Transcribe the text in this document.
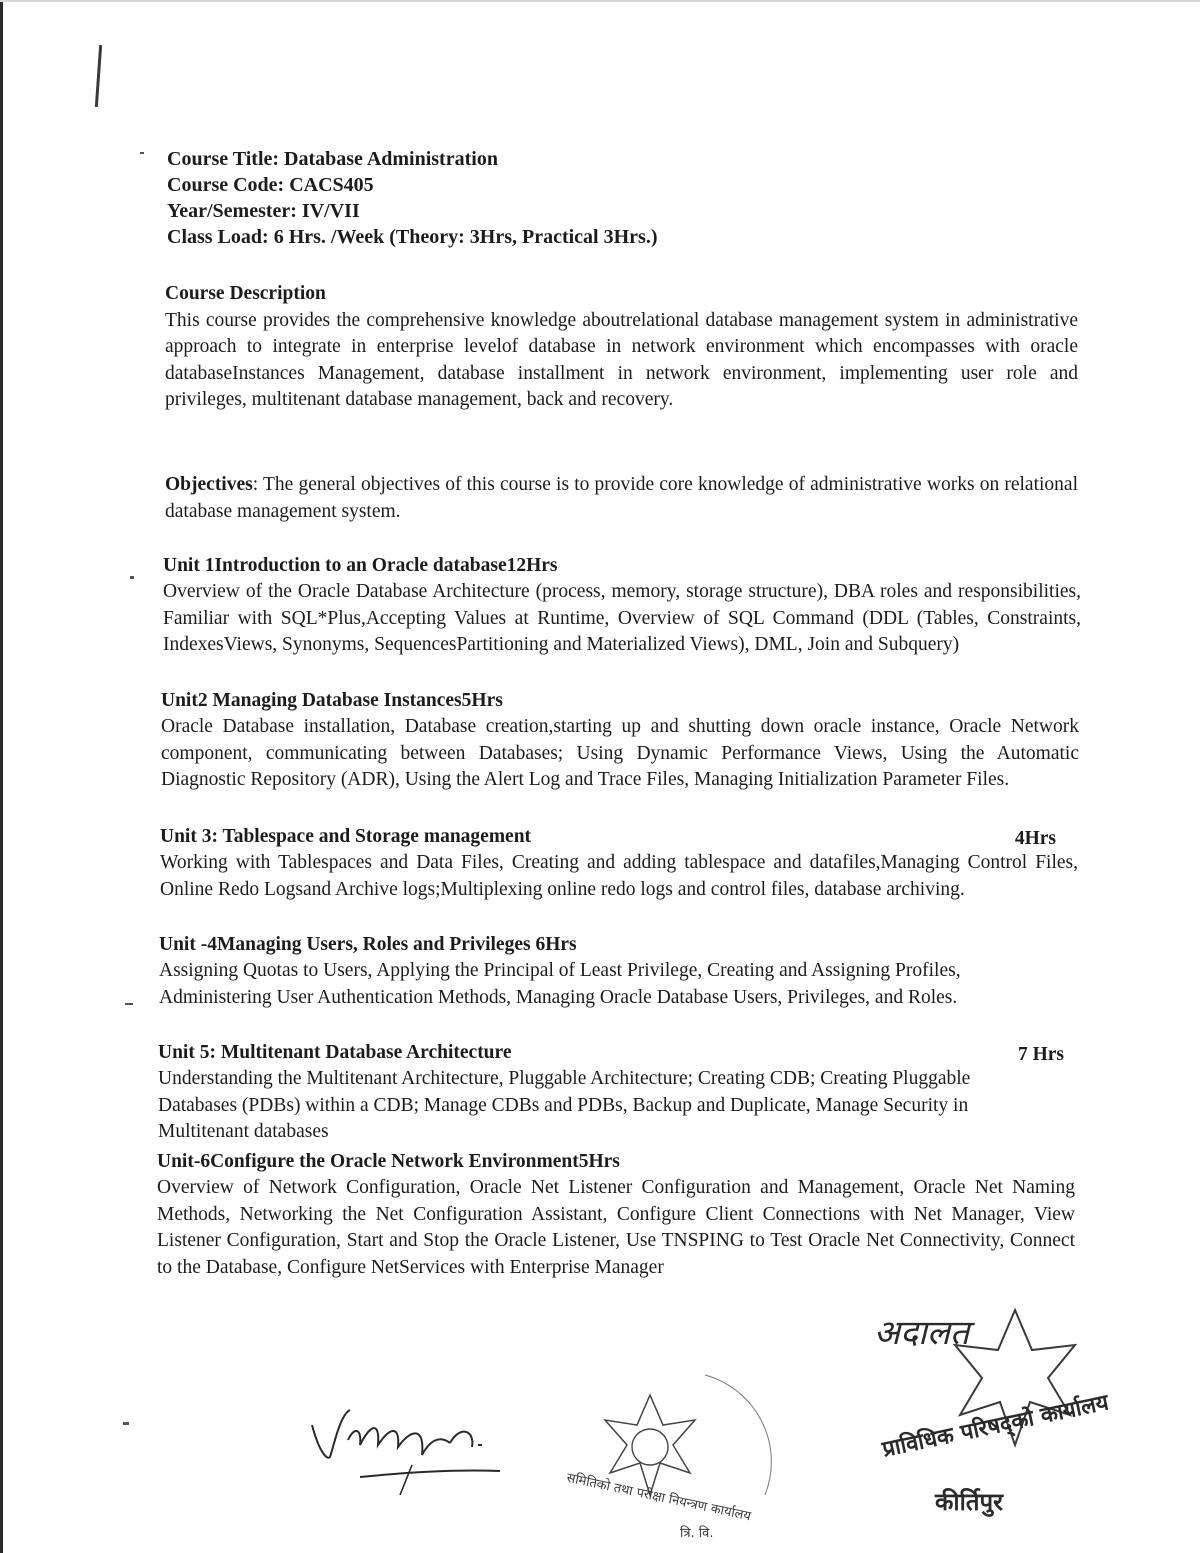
Course Title: Database Administration
Course Code: CACS405
Year/Semester: IV/VII
Class Load: 6 Hrs. /Week (Theory: 3Hrs, Practical 3Hrs.)
Course Description
This course provides the comprehensive knowledge aboutrelational database management system in administrative approach to integrate in enterprise levelof database in network environment which encompasses with oracle databaseInstances Management, database installment in network environment, implementing user role and privileges, multitenant database management, back and recovery.
Objectives: The general objectives of this course is to provide core knowledge of administrative works on relational database management system.
Unit 1Introduction to an Oracle database12Hrs
Overview of the Oracle Database Architecture (process, memory, storage structure), DBA roles and responsibilities, Familiar with SQL*Plus,Accepting Values at Runtime, Overview of SQL Command (DDL (Tables, Constraints, IndexesViews, Synonyms, SequencesPartitioning and Materialized Views), DML, Join and Subquery)
Unit2 Managing Database Instances5Hrs
Oracle Database installation, Database creation,starting up and shutting down oracle instance, Oracle Network component, communicating between Databases; Using Dynamic Performance Views, Using the Automatic Diagnostic Repository (ADR), Using the Alert Log and Trace Files, Managing Initialization Parameter Files.
Unit 3: Tablespace and Storage management	4Hrs
Working with Tablespaces and Data Files, Creating and adding tablespace and datafiles,Managing Control Files, Online Redo Logsand Archive logs;Multiplexing online redo logs and control files, database archiving.
Unit -4Managing Users, Roles and Privileges 6Hrs
Assigning Quotas to Users, Applying the Principal of Least Privilege, Creating and Assigning Profiles, Administering User Authentication Methods, Managing Oracle Database Users, Privileges, and Roles.
Unit 5: Multitenant Database Architecture	7 Hrs
Understanding the Multitenant Architecture, Pluggable Architecture; Creating CDB; Creating Pluggable Databases (PDBs) within a CDB; Manage CDBs and PDBs, Backup and Duplicate, Manage Security in Multitenant databases
Unit-6Configure the Oracle Network Environment5Hrs
Overview of Network Configuration, Oracle Net Listener Configuration and Management, Oracle Net Naming Methods, Networking the Net Configuration Assistant, Configure Client Connections with Net Manager, View Listener Configuration, Start and Stop the Oracle Listener, Use TNSPING to Test Oracle Net Connectivity, Connect to the Database, Configure NetServices with Enterprise Manager
समितिको तथा परीक्षा नियन्त्रण कार्यालय
त्रि. वि.
अदालत
प्राविधिक परिषद्को कार्यालय
कीर्तिपुर
